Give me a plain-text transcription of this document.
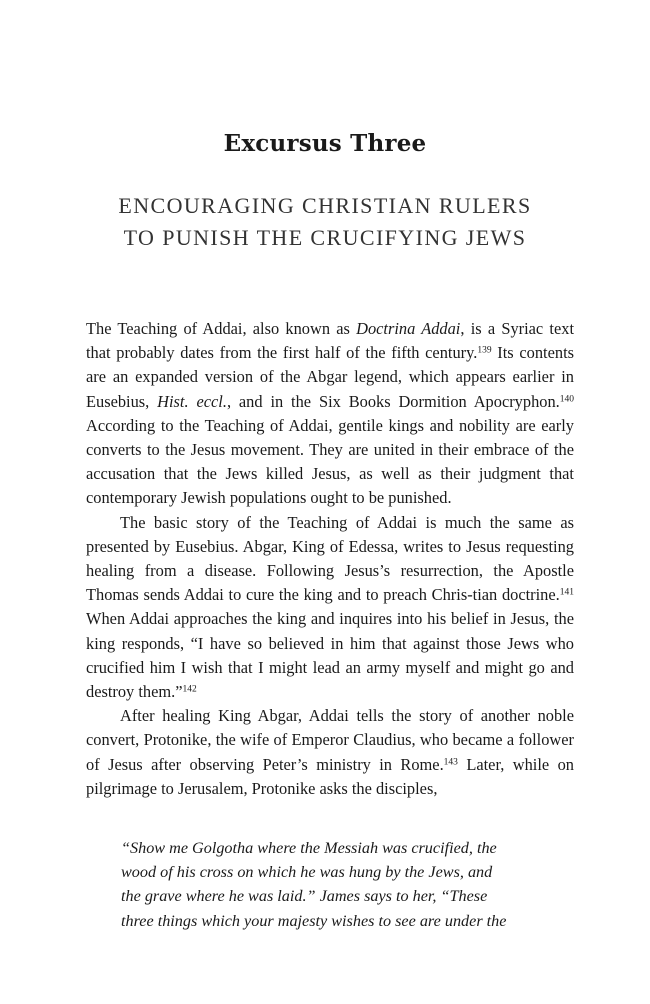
Excursus Three
ENCOURAGING CHRISTIAN RULERS
TO PUNISH THE CRUCIFYING JEWS

The Teaching of Addai, also known as Doctrina Addai, is a Syriac text that probably dates from the first half of the fifth century.$^{139}$ Its contents are an expanded version of the Abgar legend, which appears earlier in Eusebius, Hist. eccl., and in the Six Books Dormition Apocryphon.$^{140}$ According to the Teaching of Addai, gentile kings and nobility are early converts to the Jesus movement. They are united in their embrace of the accusation that the Jews killed Jesus, as well as their judgment that contemporary Jewish populations ought to be punished.

The basic story of the Teaching of Addai is much the same as presented by Eusebius. Abgar, King of Edessa, writes to Jesus requesting healing from a disease. Following Jesus’s resurrection, the Apostle Thomas sends Addai to cure the king and to preach Chris-tian doctrine.$^{141}$ When Addai approaches the king and inquires into his belief in Jesus, the king responds, “I have so believed in him that against those Jews who crucified him I wish that I might lead an army myself and might go and destroy them.”$^{142}$

After healing King Abgar, Addai tells the story of another noble convert, Protonike, the wife of Emperor Claudius, who became a follower of Jesus after observing Peter’s ministry in Rome.$^{143}$ Later, while on pilgrimage to Jerusalem, Protonike asks the disciples,

“Show me Golgotha where the Messiah was crucified, the
wood of his cross on which he was hung by the Jews, and
the grave where he was laid.” James says to her, “These
three things which your majesty wishes to see are under the
